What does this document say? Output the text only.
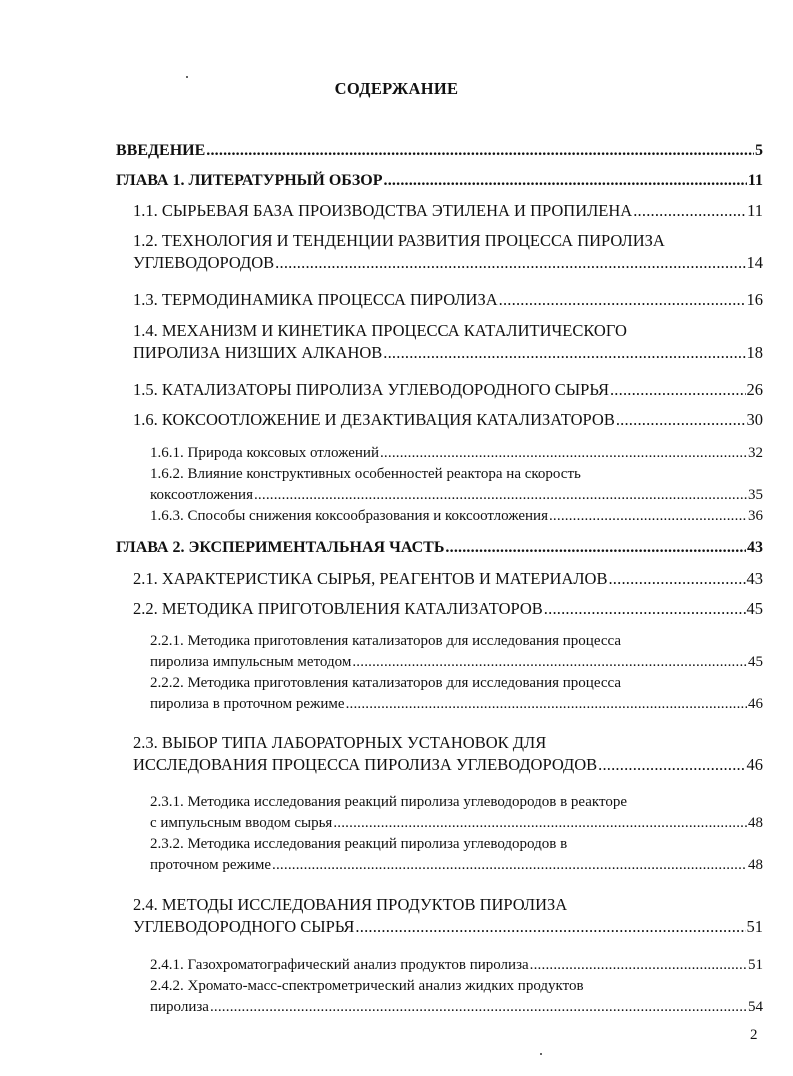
СОДЕРЖАНИЕ
ВВЕДЕНИЕ .....	5
ГЛАВА 1. ЛИТЕРАТУРНЫЙ ОБЗОР .....	11
1.1. СЫРЬЕВАЯ БАЗА ПРОИЗВОДСТВА ЭТИЛЕНА И ПРОПИЛЕНА .....	11
1.2. ТЕХНОЛОГИЯ И ТЕНДЕНЦИИ РАЗВИТИЯ ПРОЦЕССА ПИРОЛИЗА
УГЛЕВОДОРОДОВ .....	14
1.3. ТЕРМОДИНАМИКА ПРОЦЕССА ПИРОЛИЗА .....	16
1.4. МЕХАНИЗМ И КИНЕТИКА ПРОЦЕССА КАТАЛИТИЧЕСКОГО
ПИРОЛИЗА НИЗШИХ АЛКАНОВ .....	18
1.5. КАТАЛИЗАТОРЫ ПИРОЛИЗА УГЛЕВОДОРОДНОГО СЫРЬЯ .....	26
1.6. КОКСООТЛОЖЕНИЕ И ДЕЗАКТИВАЦИЯ КАТАЛИЗАТОРОВ .....	30
1.6.1. Природа коксовых отложений .....	32
1.6.2. Влияние конструктивных особенностей реактора на скорость
коксоотложения .....	35
1.6.3. Способы снижения коксообразования и коксоотложения .....	36
ГЛАВА 2. ЭКСПЕРИМЕНТАЛЬНАЯ ЧАСТЬ .....	43
2.1. ХАРАКТЕРИСТИКА СЫРЬЯ, РЕАГЕНТОВ И МАТЕРИАЛОВ .....	43
2.2. МЕТОДИКА ПРИГОТОВЛЕНИЯ КАТАЛИЗАТОРОВ .....	45
2.2.1. Методика приготовления катализаторов для исследования процесса
пиролиза импульсным методом .....	45
2.2.2. Методика приготовления катализаторов для исследования процесса
пиролиза в проточном режиме .....	46
2.3. ВЫБОР ТИПА ЛАБОРАТОРНЫХ УСТАНОВОК ДЛЯ
ИССЛЕДОВАНИЯ ПРОЦЕССА ПИРОЛИЗА УГЛЕВОДОРОДОВ .....	46
2.3.1. Методика исследования реакций пиролиза углеводородов в реакторе
с импульсным вводом сырья .....	48
2.3.2. Методика исследования реакций пиролиза углеводородов в
проточном режиме .....	48
2.4. МЕТОДЫ ИССЛЕДОВАНИЯ ПРОДУКТОВ ПИРОЛИЗА
УГЛЕВОДОРОДНОГО СЫРЬЯ .....	51
2.4.1. Газохроматографический анализ продуктов пиролиза .....	51
2.4.2. Хромато-масс-спектрометрический анализ жидких продуктов
пиролиза .....	54
2
